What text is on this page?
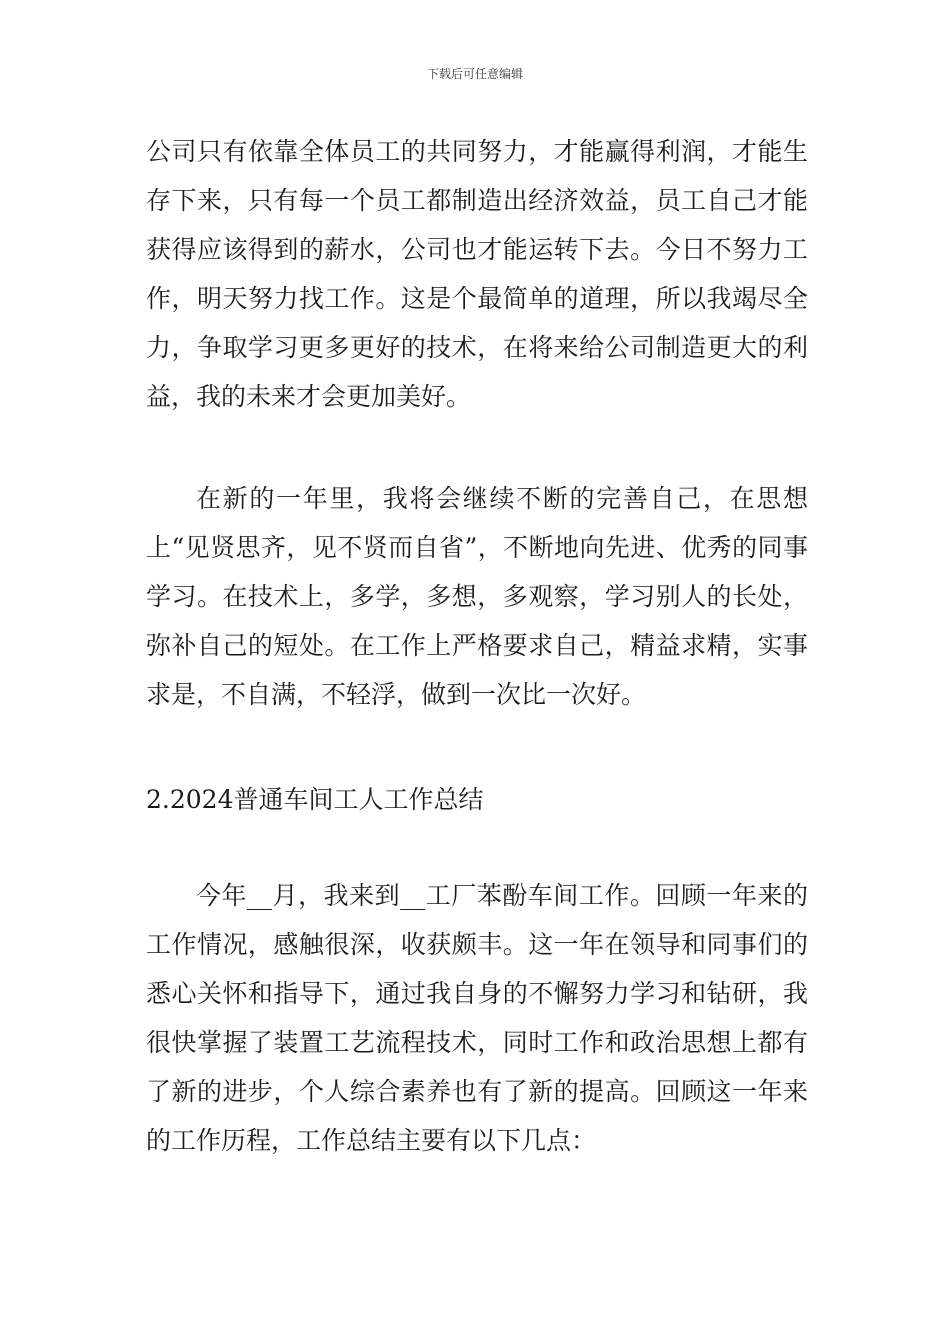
下载后可任意编辑

公司只有依靠全体员工的共同努力，才能赢得利润，才能生存下来，只有每一个员工都制造出经济效益，员工自己才能获得应该得到的薪水，公司也才能运转下去。今日不努力工作，明天努力找工作。这是个最简单的道理，所以我竭尽全力，争取学习更多更好的技术，在将来给公司制造更大的利益，我的未来才会更加美好。

在新的一年里，我将会继续不断的完善自己，在思想上“见贤思齐，见不贤而自省”，不断地向先进、优秀的同事学习。在技术上，多学，多想，多观察，学习别人的长处，弥补自己的短处。在工作上严格要求自己，精益求精，实事求是，不自满，不轻浮，做到一次比一次好。

2.2024普通车间工人工作总结

今年__月，我来到__工厂苯酚车间工作。回顾一年来的工作情况，感触很深，收获颇丰。这一年在领导和同事们的悉心关怀和指导下，通过我自身的不懈努力学习和钻研，我很快掌握了装置工艺流程技术，同时工作和政治思想上都有了新的进步，个人综合素养也有了新的提高。回顾这一年来的工作历程，工作总结主要有以下几点：
